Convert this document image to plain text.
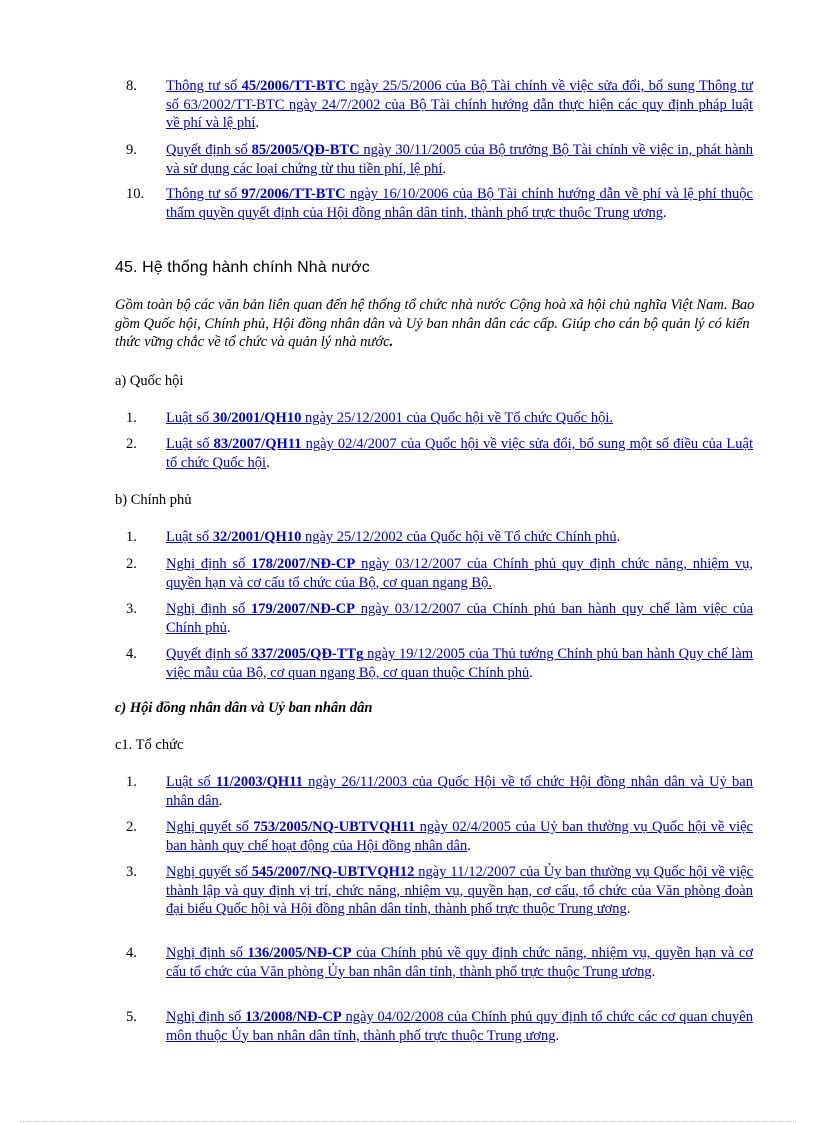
8.	Thông tư số 45/2006/TT-BTC ngày 25/5/2006 của Bộ Tài chính về việc sửa đổi, bổ sung Thông tư số 63/2002/TT-BTC ngày 24/7/2002 của Bộ Tài chính hướng dẫn thực hiện các quy định pháp luật về phí và lệ phí.
9.	Quyết định số 85/2005/QĐ-BTC ngày 30/11/2005 của Bộ trưởng Bộ Tài chính về việc in, phát hành và sử dụng các loại chứng từ thu tiền phí, lệ phí.
10.	Thông tư số 97/2006/TT-BTC ngày 16/10/2006 của Bộ Tài chính hướng dẫn về phí và lệ phí thuộc thẩm quyền quyết định của Hội đồng nhân dân tỉnh, thành phố trực thuộc Trung ương.
45. Hệ thống hành chính Nhà nước

Gồm toàn bộ các văn bản liên quan đến hệ thống tổ chức nhà nước Cộng hoà xã hội chủ nghĩa Việt Nam. Bao gồm Quốc hội, Chính phủ, Hội đồng nhân dân và Uỷ ban nhân dân các cấp. Giúp cho cán bộ quản lý có kiến thức vững chắc về tổ chức và quản lý nhà nước.

a) Quốc hội

1.	Luật số 30/2001/QH10 ngày 25/12/2001 của Quốc hội về Tổ chức Quốc hội.
2.	Luật số 83/2007/QH11 ngày 02/4/2007 của Quốc hội về việc sửa đổi, bổ sung một số điều của Luật tổ chức Quốc hội.

b) Chính phủ

1.	Luật số 32/2001/QH10 ngày 25/12/2002 của Quốc hội về Tổ chức Chính phủ.
2.	Nghị định số 178/2007/NĐ-CP ngày 03/12/2007 của Chính phủ quy định chức năng, nhiệm vụ, quyền hạn và cơ cấu tổ chức của Bộ, cơ quan ngang Bộ.
3.	Nghị định số 179/2007/NĐ-CP ngày 03/12/2007 của Chính phủ ban hành quy chế làm việc của Chính phủ.
4.	Quyết định số 337/2005/QĐ-TTg ngày 19/12/2005 của Thủ tướng Chính phủ ban hành Quy chế làm việc mẫu của Bộ, cơ quan ngang Bộ, cơ quan thuộc Chính phủ.

c) Hội đồng nhân dân và Uỷ ban nhân dân

c1. Tổ chức

1.	Luật số 11/2003/QH11 ngày 26/11/2003 của Quốc Hội về tổ chức Hội đồng nhân dân và Uỷ ban nhân dân.
2.	Nghị quyết số 753/2005/NQ-UBTVQH11 ngày 02/4/2005 của Uỷ ban thường vụ Quốc hội về việc ban hành quy chế hoạt động của Hội đồng nhân dân.
3.	Nghị quyết số 545/2007/NQ-UBTVQH12 ngày 11/12/2007 của Ủy ban thường vụ Quốc hội về việc thành lập và quy định vị trí, chức năng, nhiệm vụ, quyền hạn, cơ cấu, tổ chức của Văn phòng đoàn đại biểu Quốc hội và Hội đồng nhân dân tỉnh, thành phố trực thuộc Trung ương.
4.	Nghị định số 136/2005/NĐ-CP của Chính phủ về quy định chức năng, nhiệm vụ, quyền hạn và cơ cấu tổ chức của Văn phòng Ủy ban nhân dân tỉnh, thành phố trực thuộc Trung ương.
5.	Nghị định số 13/2008/NĐ-CP ngày 04/02/2008 của Chính phủ quy định tổ chức các cơ quan chuyên môn thuộc Ủy ban nhân dân tỉnh, thành phố trực thuộc Trung ương.
